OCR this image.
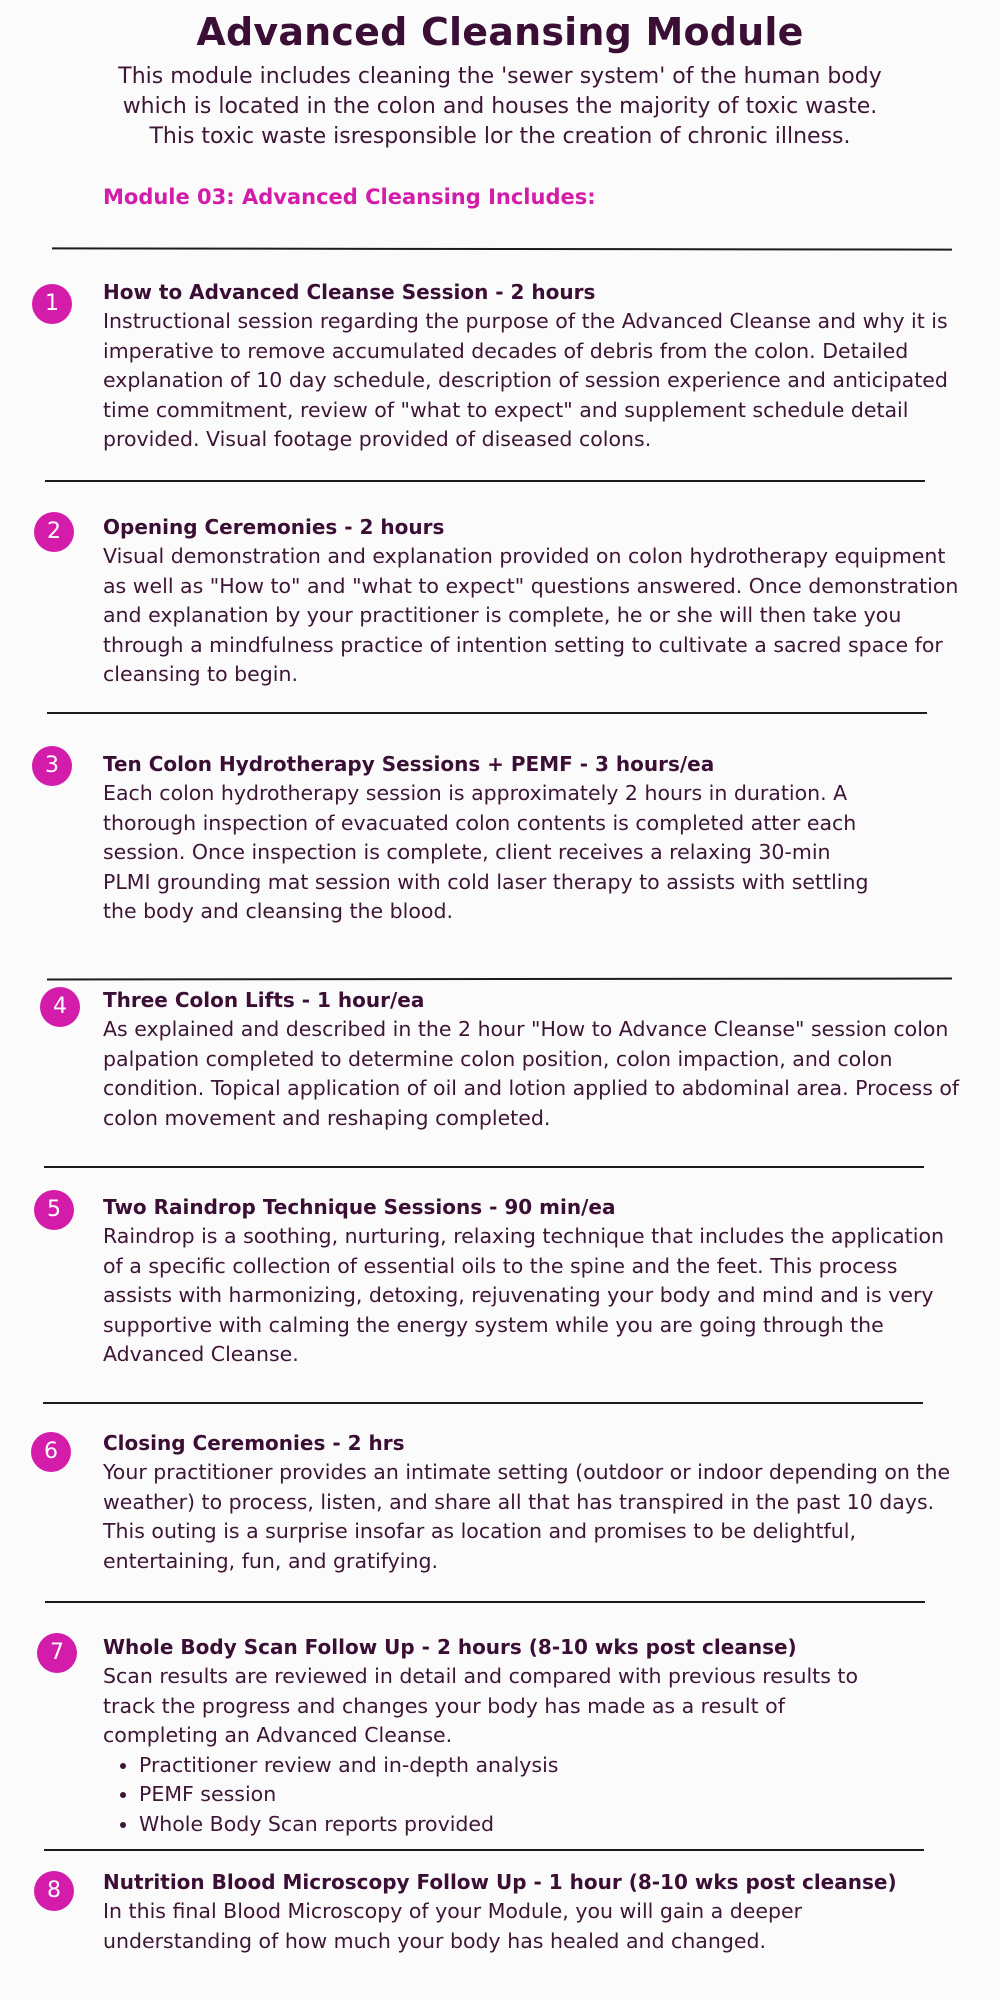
Advanced Cleansing Module
This module includes cleaning the 'sewer system' of the human body which is located in the colon and houses the majority of toxic waste. This toxic waste isresponsible lor the creation of chronic illness.
Module 03: Advanced Cleansing Includes:
1	How to Advanced Cleanse Session - 2 hours
Instructional session regarding the purpose of the Advanced Cleanse and why it is imperative to remove accumulated decades of debris from the colon. Detailed explanation of 10 day schedule, description of session experience and anticipated time commitment, review of "what to expect" and supplement schedule detail provided. Visual footage provided of diseased colons.
2	Opening Ceremonies - 2 hours
Visual demonstration and explanation provided on colon hydrotherapy equipment as well as "How to" and "what to expect" questions answered. Once demonstration and explanation by your practitioner is complete, he or she will then take you through a mindfulness practice of intention setting to cultivate a sacred space for cleansing to begin.
3	Ten Colon Hydrotherapy Sessions + PEMF - 3 hours/ea
Each colon hydrotherapy session is approximately 2 hours in duration. A thorough inspection of evacuated colon contents is completed atter each session. Once inspection is complete, client receives a relaxing 30-min PLMI grounding mat session with cold laser therapy to assists with settling the body and cleansing the blood.
4	Three Colon Lifts - 1 hour/ea
As explained and described in the 2 hour "How to Advance Cleanse" session colon palpation completed to determine colon position, colon impaction, and colon condition. Topical application of oil and lotion applied to abdominal area. Process of colon movement and reshaping completed.
5	Two Raindrop Technique Sessions - 90 min/ea
Raindrop is a soothing, nurturing, relaxing technique that includes the application of a specific collection of essential oils to the spine and the feet. This process assists with harmonizing, detoxing, rejuvenating your body and mind and is very supportive with calming the energy system while you are going through the Advanced Cleanse.
6	Closing Ceremonies - 2 hrs
Your practitioner provides an intimate setting (outdoor or indoor depending on the weather) to process, listen, and share all that has transpired in the past 10 days. This outing is a surprise insofar as location and promises to be delightful, entertaining, fun, and gratifying.
7	Whole Body Scan Follow Up - 2 hours (8-10 wks post cleanse)
Scan results are reviewed in detail and compared with previous results to track the progress and changes your body has made as a result of completing an Advanced Cleanse.
• Practitioner review and in-depth analysis
• PEMF session
• Whole Body Scan reports provided
8	Nutrition Blood Microscopy Follow Up - 1 hour (8-10 wks post cleanse)
In this final Blood Microscopy of your Module, you will gain a deeper understanding of how much your body has healed and changed.
